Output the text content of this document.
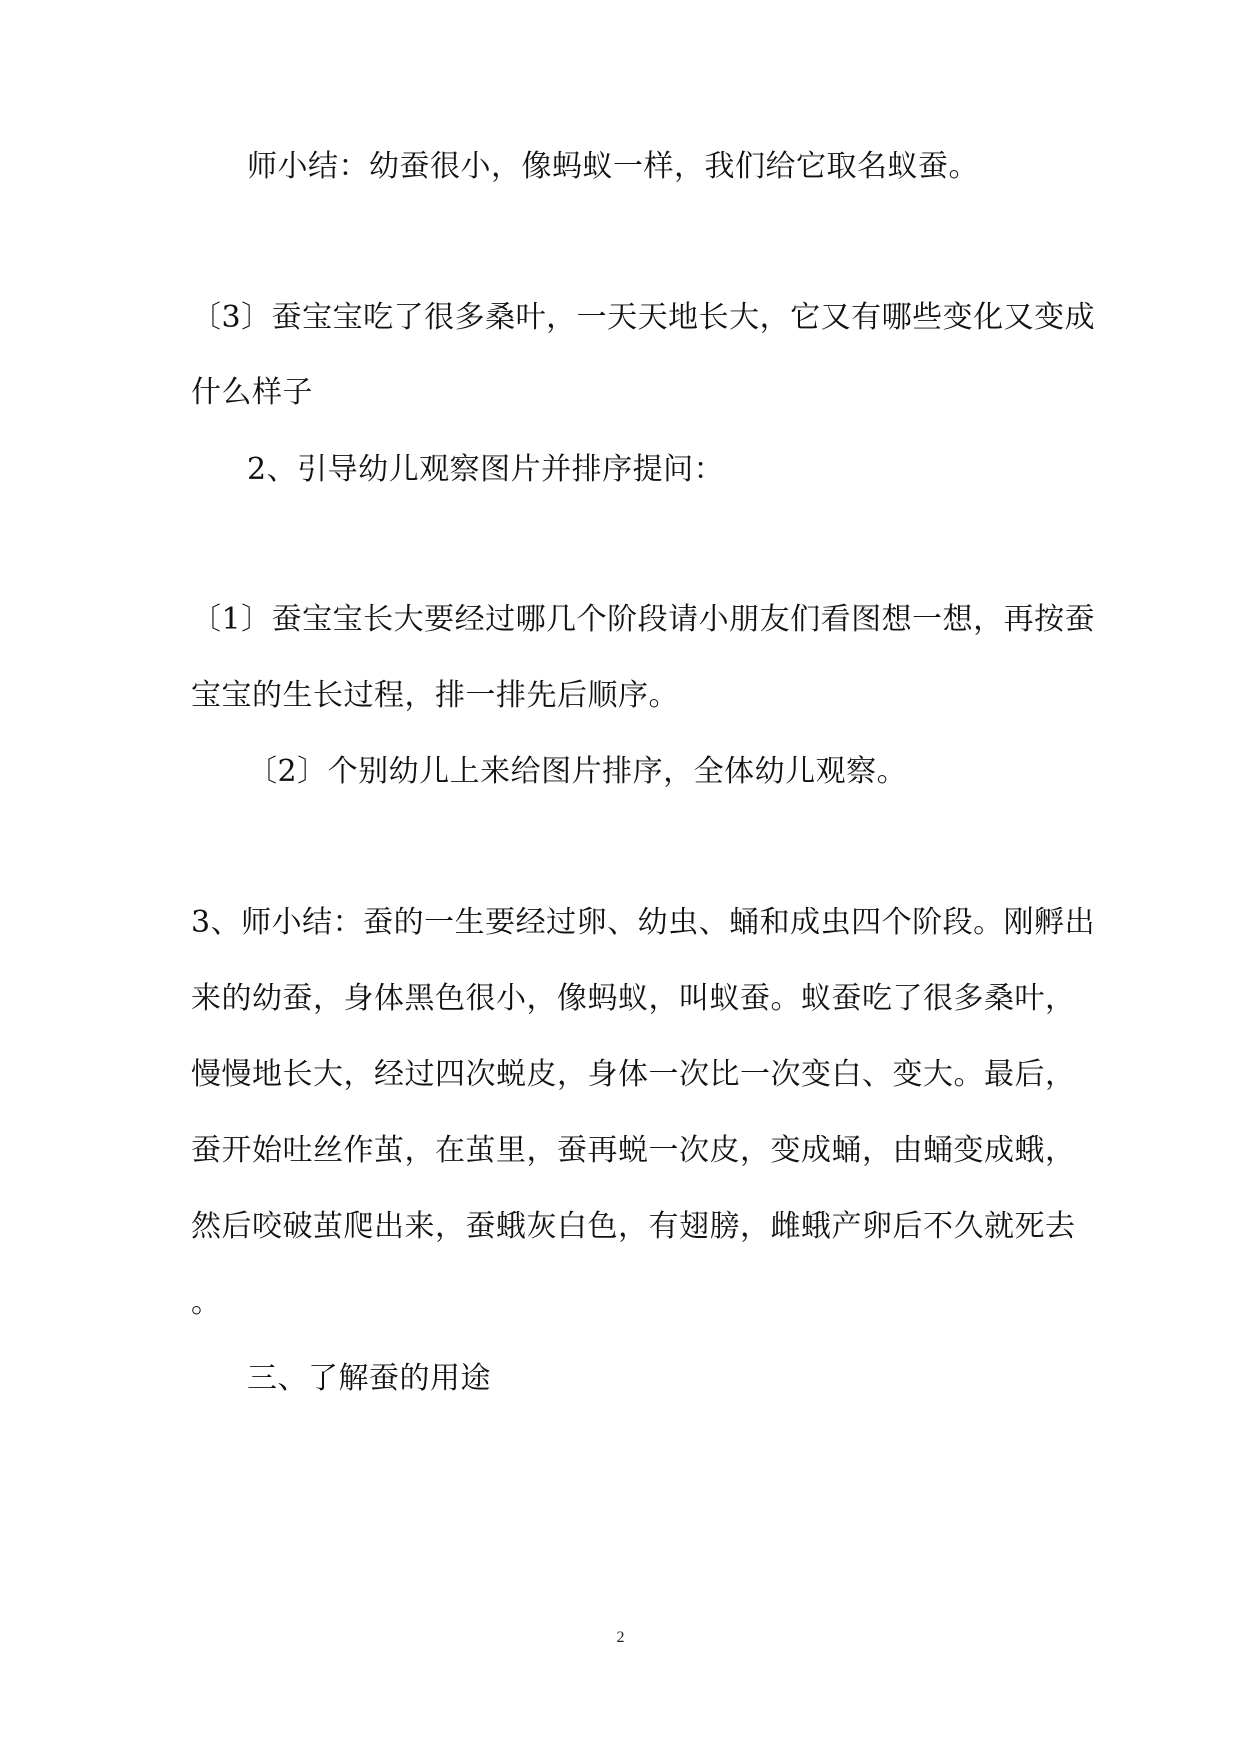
师小结：幼蚕很小，像蚂蚁一样，我们给它取名蚁蚕。
〔3〕蚕宝宝吃了很多桑叶，一天天地长大，它又有哪些变化又变成
什么样子
2、引导幼儿观察图片并排序提问：
〔1〕蚕宝宝长大要经过哪几个阶段请小朋友们看图想一想，再按蚕
宝宝的生长过程，排一排先后顺序。
〔2〕个别幼儿上来给图片排序，全体幼儿观察。
3、师小结：蚕的一生要经过卵、幼虫、蛹和成虫四个阶段。刚孵出
来的幼蚕，身体黑色很小，像蚂蚁，叫蚁蚕。蚁蚕吃了很多桑叶，
慢慢地长大，经过四次蜕皮，身体一次比一次变白、变大。最后，
蚕开始吐丝作茧，在茧里，蚕再蜕一次皮，变成蛹，由蛹变成蛾，
然后咬破茧爬出来，蚕蛾灰白色，有翅膀，雌蛾产卵后不久就死去
。
三、了解蚕的用途
2
